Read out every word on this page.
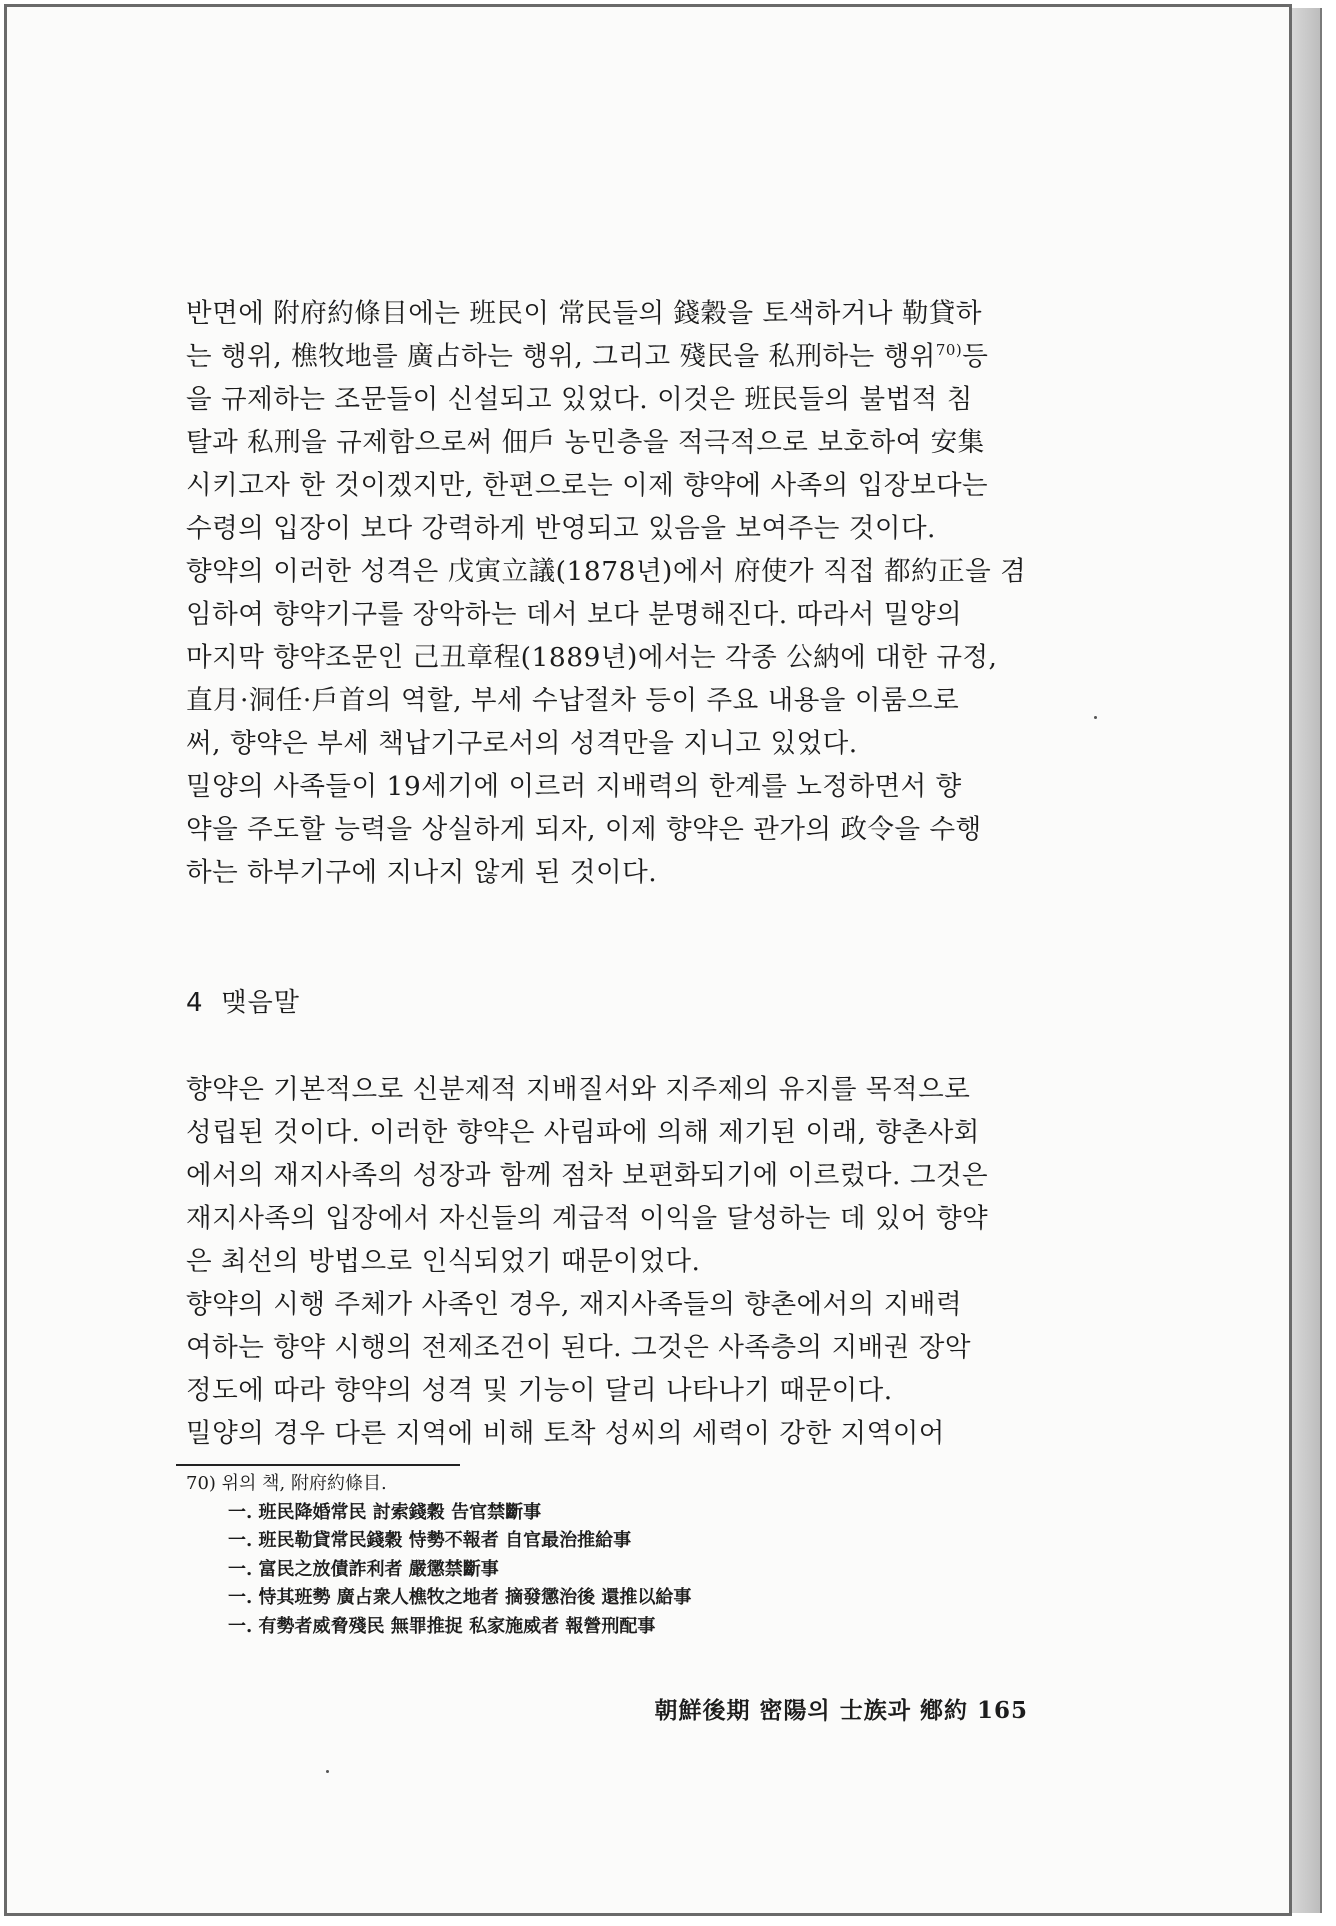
반면에 附府約條目에는 班民이 常民들의 錢穀을 토색하거나 勒貸하
는 행위, 樵牧地를 廣占하는 행위, 그리고 殘民을 私刑하는 행위$^{70)}$등
을 규제하는 조문들이 신설되고 있었다. 이것은 班民들의 불법적 침
탈과 私刑을 규제함으로써 佃戶 농민층을 적극적으로 보호하여 安集
시키고자 한 것이겠지만, 한편으로는 이제 향약에 사족의 입장보다는
수령의 입장이 보다 강력하게 반영되고 있음을 보여주는 것이다.
향약의 이러한 성격은 戊寅立議(1878년)에서 府使가 직접 都約正을 겸
임하여 향약기구를 장악하는 데서 보다 분명해진다. 따라서 밀양의
마지막 향약조문인 己丑章程(1889년)에서는 각종 公納에 대한 규정,
直月·洞任·戶首의 역할, 부세 수납절차 등이 주요 내용을 이룸으로
써, 향약은 부세 책납기구로서의 성격만을 지니고 있었다.
밀양의 사족들이 19세기에 이르러 지배력의 한계를 노정하면서 향
약을 주도할 능력을 상실하게 되자, 이제 향약은 관가의 政令을 수행
하는 하부기구에 지나지 않게 된 것이다.
4 맺음말
향약은 기본적으로 신분제적 지배질서와 지주제의 유지를 목적으로
성립된 것이다. 이러한 향약은 사림파에 의해 제기된 이래, 향촌사회
에서의 재지사족의 성장과 함께 점차 보편화되기에 이르렀다. 그것은
재지사족의 입장에서 자신들의 계급적 이익을 달성하는 데 있어 향약
은 최선의 방법으로 인식되었기 때문이었다.
향약의 시행 주체가 사족인 경우, 재지사족들의 향촌에서의 지배력
여하는 향약 시행의 전제조건이 된다. 그것은 사족층의 지배권 장악
정도에 따라 향약의 성격 및 기능이 달리 나타나기 때문이다.
밀양의 경우 다른 지역에 비해 토착 성씨의 세력이 강한 지역이어
70) 위의 책, 附府約條目.
一. 班民降婚常民 討索錢穀 告官禁斷事
一. 班民勒貸常民錢穀 恃勢不報者 自官最治推給事
一. 富民之放債詐利者 嚴懲禁斷事
一. 恃其班勢 廣占衆人樵牧之地者 摘發懲治後 還推以給事
一. 有勢者威脅殘民 無罪推捉 私家施威者 報營刑配事
朝鮮後期 密陽의 士族과 鄕約 165
